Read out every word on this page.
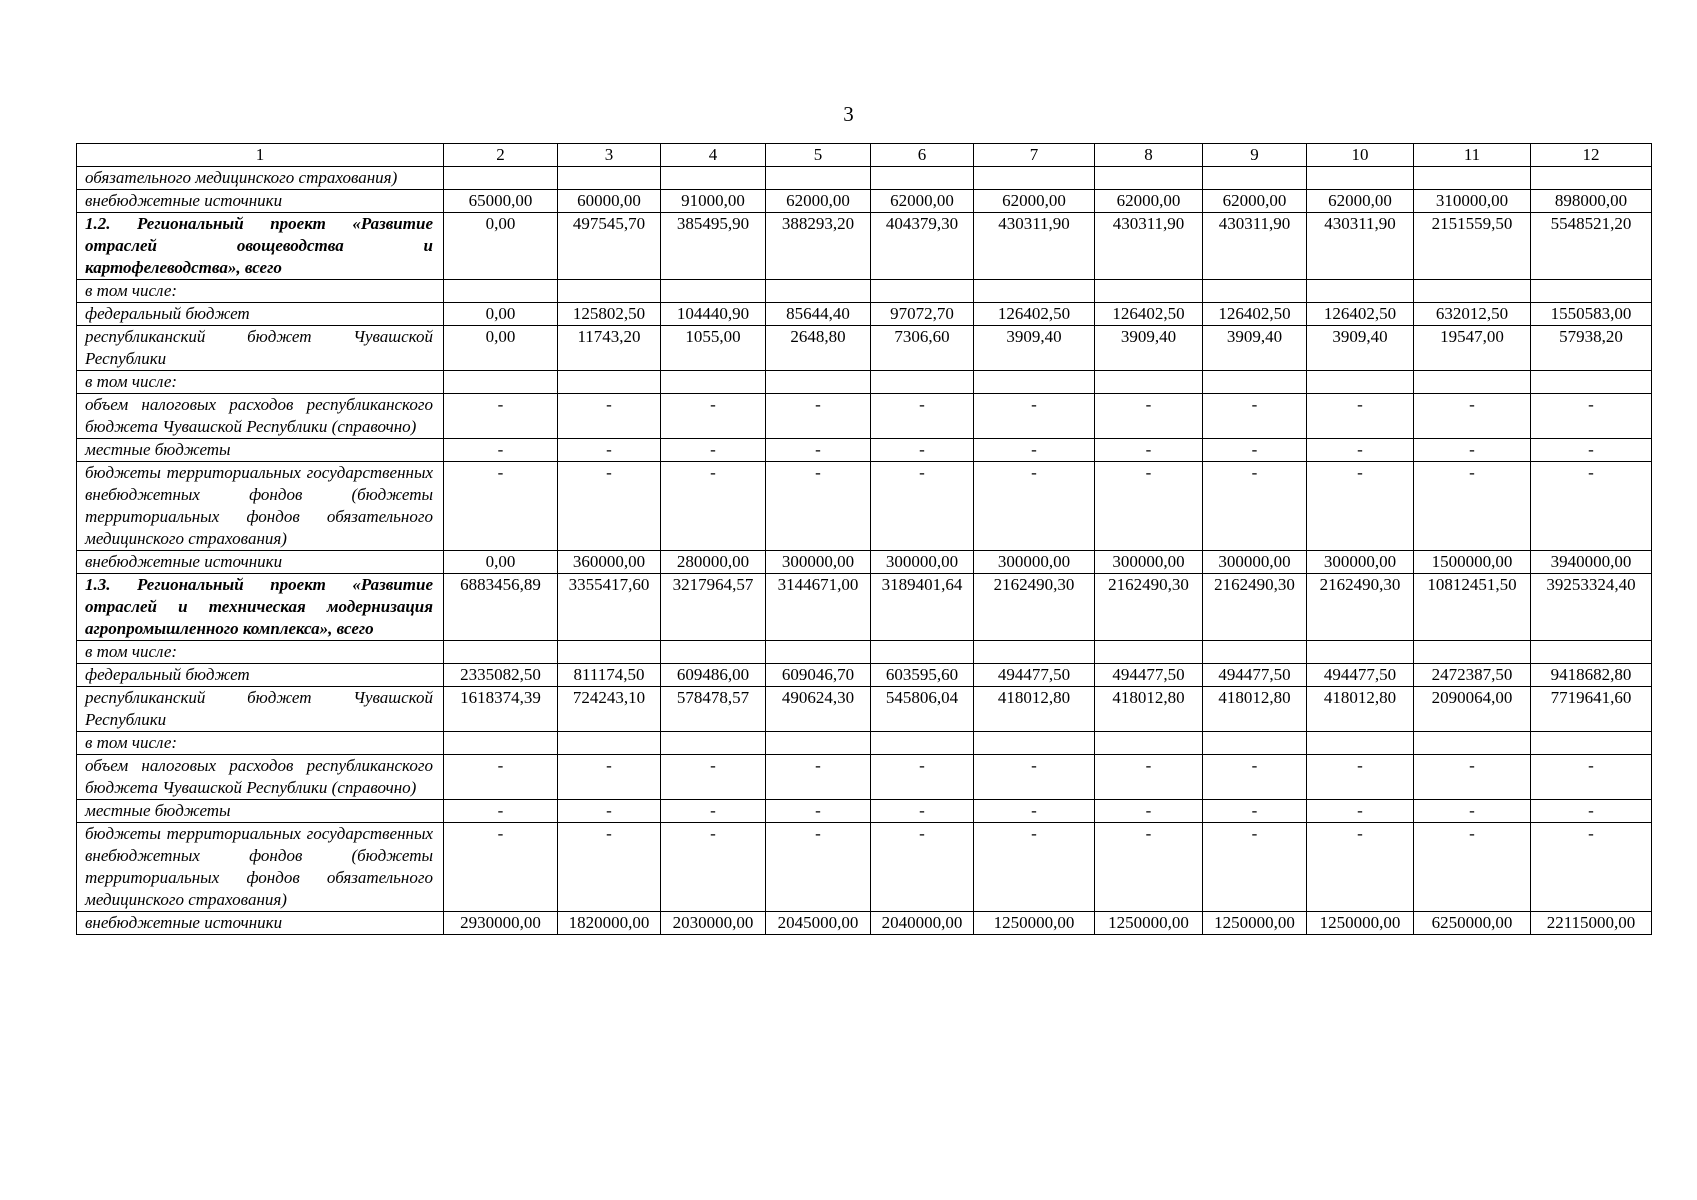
3
1	2	3	4	5	6	7	8	9	10	11	12
обязательного медицинского страхования)											
внебюджетные источники	65000,00	60000,00	91000,00	62000,00	62000,00	62000,00	62000,00	62000,00	62000,00	310000,00	898000,00
1.2. Региональный проект «Развитие отраслей овощеводства и картофелеводства», всего	0,00	497545,70	385495,90	388293,20	404379,30	430311,90	430311,90	430311,90	430311,90	2151559,50	5548521,20
в том числе:											
федеральный бюджет	0,00	125802,50	104440,90	85644,40	97072,70	126402,50	126402,50	126402,50	126402,50	632012,50	1550583,00
республиканский бюджет Чувашской Республики	0,00	11743,20	1055,00	2648,80	7306,60	3909,40	3909,40	3909,40	3909,40	19547,00	57938,20
в том числе:											
объем налоговых расходов республиканского бюджета Чувашской Республики (справочно)	-	-	-	-	-	-	-	-	-	-	-
местные бюджеты	-	-	-	-	-	-	-	-	-	-	-
бюджеты территориальных государственных внебюджетных фондов (бюджеты территориальных фондов обязательного медицинского страхования)	-	-	-	-	-	-	-	-	-	-	-
внебюджетные источники	0,00	360000,00	280000,00	300000,00	300000,00	300000,00	300000,00	300000,00	300000,00	1500000,00	3940000,00
1.3. Региональный проект «Развитие отраслей и техническая модернизация агропромышленного комплекса», всего	6883456,89	3355417,60	3217964,57	3144671,00	3189401,64	2162490,30	2162490,30	2162490,30	2162490,30	10812451,50	39253324,40
в том числе:											
федеральный бюджет	2335082,50	811174,50	609486,00	609046,70	603595,60	494477,50	494477,50	494477,50	494477,50	2472387,50	9418682,80
республиканский бюджет Чувашской Республики	1618374,39	724243,10	578478,57	490624,30	545806,04	418012,80	418012,80	418012,80	418012,80	2090064,00	7719641,60
в том числе:											
объем налоговых расходов республиканского бюджета Чувашской Республики (справочно)	-	-	-	-	-	-	-	-	-	-	-
местные бюджеты	-	-	-	-	-	-	-	-	-	-	-
бюджеты территориальных государственных внебюджетных фондов (бюджеты территориальных фондов обязательного медицинского страхования)	-	-	-	-	-	-	-	-	-	-	-
внебюджетные источники	2930000,00	1820000,00	2030000,00	2045000,00	2040000,00	1250000,00	1250000,00	1250000,00	1250000,00	6250000,00	22115000,00
